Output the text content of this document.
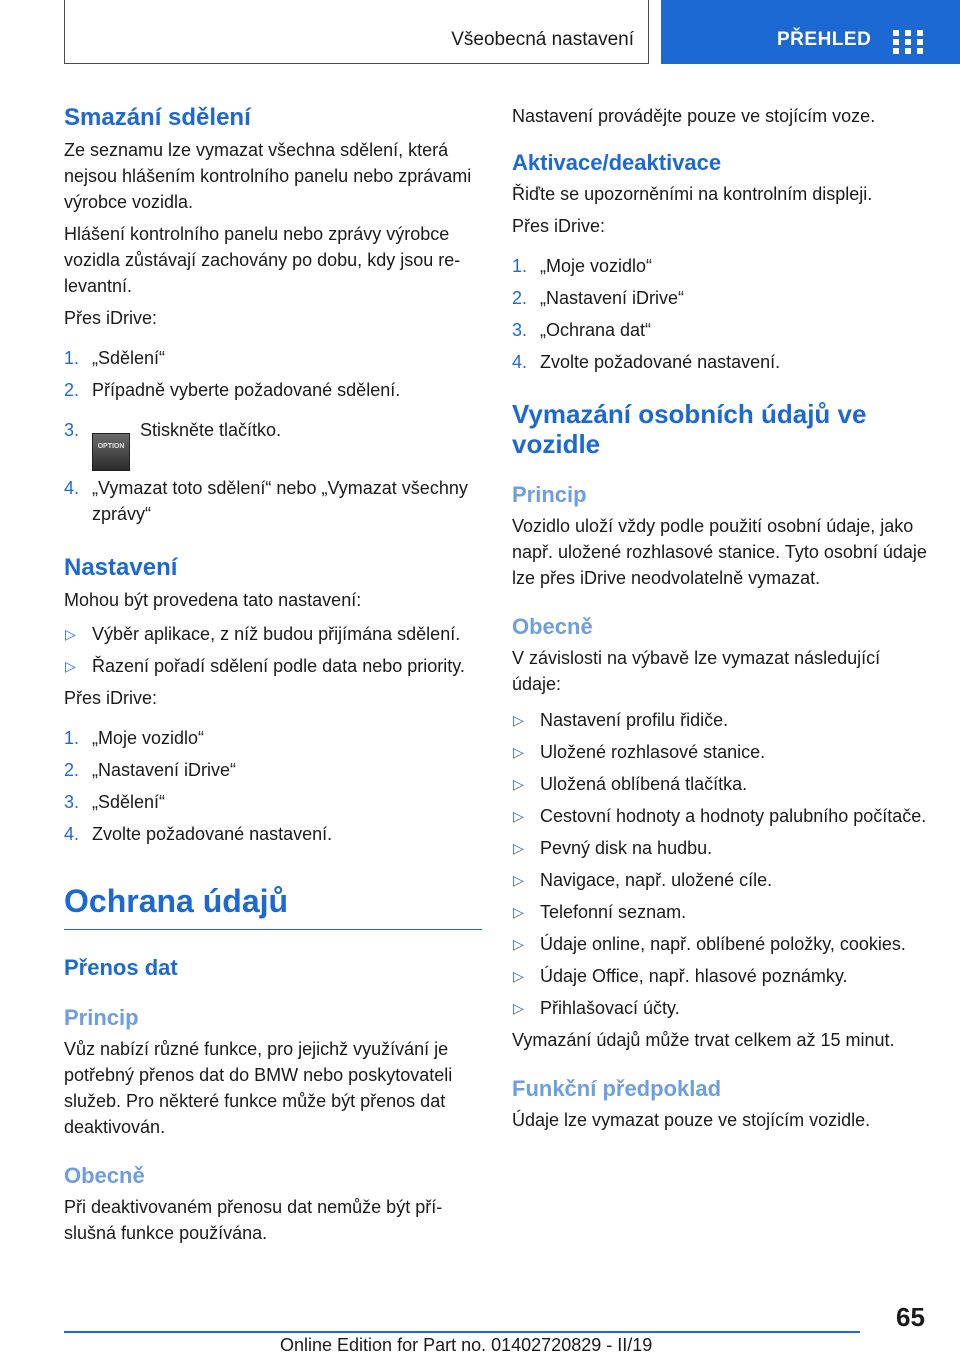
Všeobecná nastavení	PŘEHLED
Smazání sdělení

Ze seznamu lze vymazat všechna sdělení, která nejsou hlášením kontrolního panelu nebo zprávami výrobce vozidla.

Hlášení kontrolního panelu nebo zprávy výrobce vozidla zůstávají zachovány po dobu, kdy jsou relevantní.

Přes iDrive:

1. „Sdělení“
2. Případně vyberte požadované sdělení.
3.
OPTIONStiskněte tlačítko.
4. „Vymazat toto sdělení“ nebo „Vymazat všechny zprávy“
Nastavení

Mohou být provedena tato nastavení:

▷ Výběr aplikace, z níž budou přijímána sdělení.
▷ Řazení pořadí sdělení podle data nebo priority.

Přes iDrive:

1. „Moje vozidlo“
2. „Nastavení iDrive“
3. „Sdělení“
4. Zvolte požadované nastavení.
Ochrana údajů
Přenos dat
Princip

Vůz nabízí různé funkce, pro jejichž využívání je potřebný přenos dat do BMW nebo poskytovateli služeb. Pro některé funkce může být přenos dat deaktivován.

Obecně

Při deaktivovaném přenosu dat nemůže být příslušná funkce používána.

Nastavení provádějte pouze ve stojícím voze.

Aktivace/deaktivace

Řiďte se upozorněními na kontrolním displeji.

Přes iDrive:

1. „Moje vozidlo“
2. „Nastavení iDrive“
3. „Ochrana dat“
4. Zvolte požadované nastavení.
Vymazání osobních údajů ve vozidle
Princip

Vozidlo uloží vždy podle použití osobní údaje, jako např. uložené rozhlasové stanice. Tyto osobní údaje lze přes iDrive neodvolatelně vymazat.

Obecně

V závislosti na výbavě lze vymazat následující údaje:

▷ Nastavení profilu řidiče.
▷ Uložené rozhlasové stanice.
▷ Uložená oblíbená tlačítka.
▷ Cestovní hodnoty a hodnoty palubního počítače.
▷ Pevný disk na hudbu.
▷ Navigace, např. uložené cíle.
▷ Telefonní seznam.
▷ Údaje online, např. oblíbené položky, cookies.
▷ Údaje Office, např. hlasové poznámky.
▷ Přihlašovací účty.

Vymazání údajů může trvat celkem až 15 minut.

Funkční předpoklad

Údaje lze vymazat pouze ve stojícím vozidle.

65
Online Edition for Part no. 01402720829 - II/19
